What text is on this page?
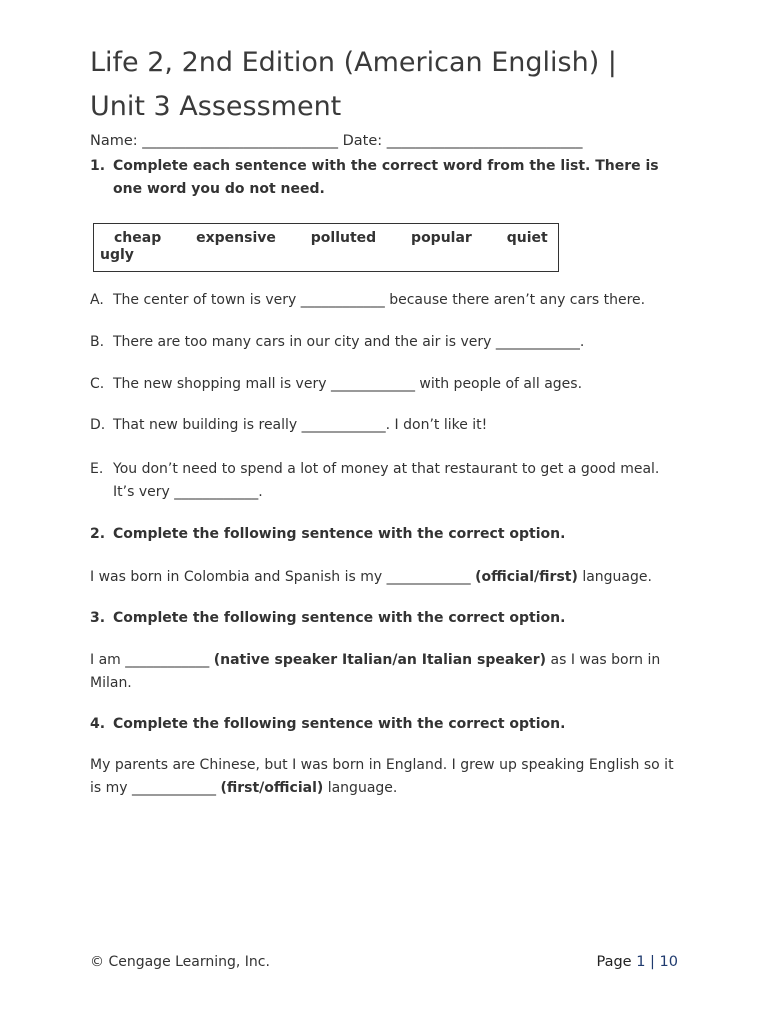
Life 2, 2nd Edition (American English) |
Unit 3 Assessment
Name: ___________________________ Date: ___________________________
1. Complete each sentence with the correct word from the list. There is
one word you do not need.
cheap expensive polluted popular quiet
ugly
A. The center of town is very ____________ because there aren’t any cars there.
B. There are too many cars in our city and the air is very ____________.
C. The new shopping mall is very ____________ with people of all ages.
D. That new building is really ____________. I don’t like it!
E. You don’t need to spend a lot of money at that restaurant to get a good meal.
It’s very ____________.
2. Complete the following sentence with the correct option.
I was born in Colombia and Spanish is my ____________ (official/first) language.
3. Complete the following sentence with the correct option.
I am ____________ (native speaker Italian/an Italian speaker) as I was born in
Milan.
4. Complete the following sentence with the correct option.
My parents are Chinese, but I was born in England. I grew up speaking English so it
is my ____________ (first/official) language.
© Cengage Learning, Inc.	Page 1 | 10
